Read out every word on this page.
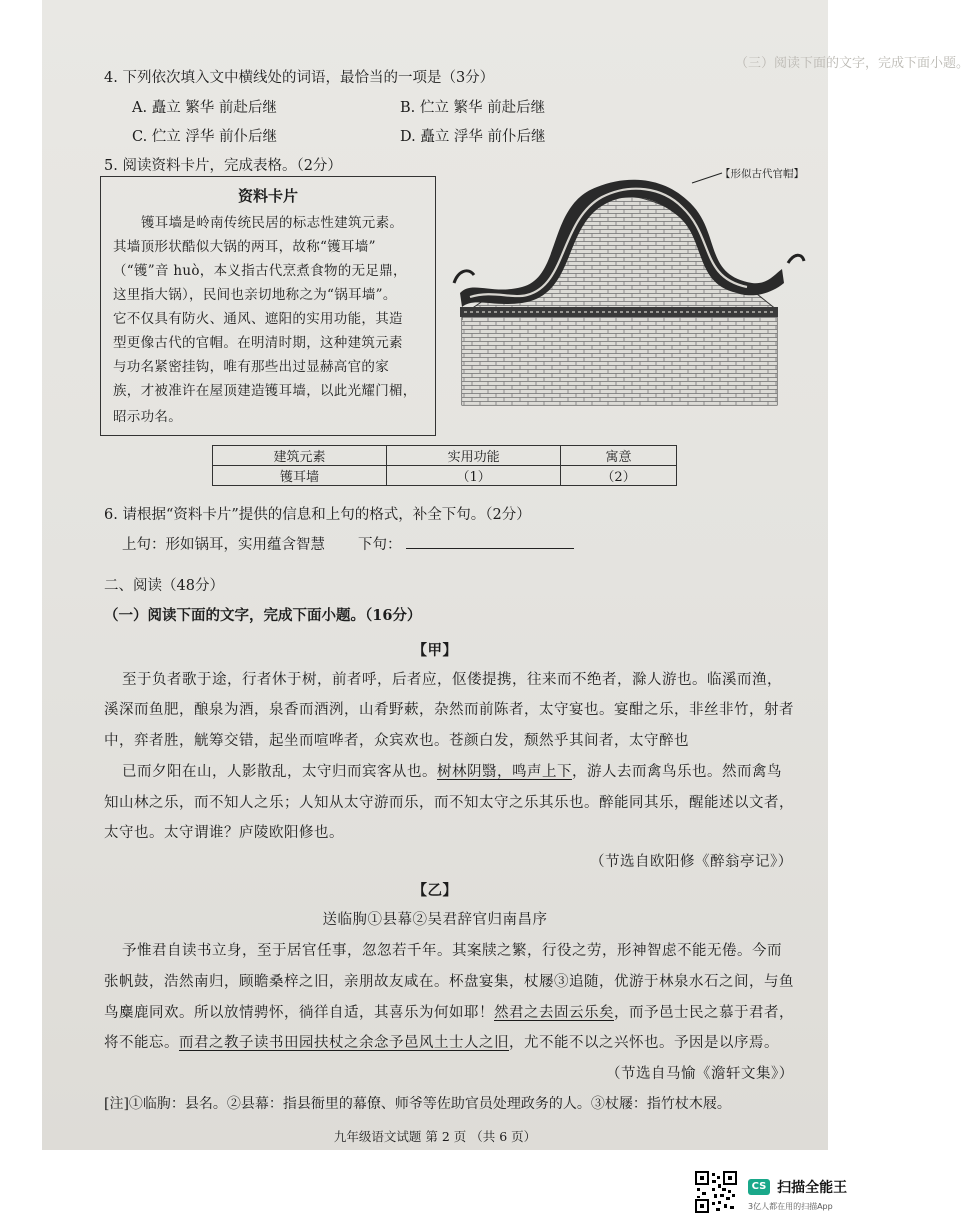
（三）阅读下面的文字，完成下面小题。
4. 下列依次填入文中横线处的词语，最恰当的一项是（3分）
A. 矗立 繁华 前赴后继	B. 伫立 繁华 前赴后继
C. 伫立 浮华 前仆后继	D. 矗立 浮华 前仆后继
5. 阅读资料卡片，完成表格。（2分）
资料卡片
镬耳墙是岭南传统民居的标志性建筑元素。
其墙顶形状酷似大锅的两耳，故称“镬耳墙”
（“镬”音 huò，本义指古代烹煮食物的无足鼎，
这里指大锅），民间也亲切地称之为“锅耳墙”。
它不仅具有防火、通风、遮阳的实用功能，其造
型更像古代的官帽。在明清时期，这种建筑元素
与功名紧密挂钩，唯有那些出过显赫高官的家
族，才被准许在屋顶建造镬耳墙，以此光耀门楣，
昭示功名。
【形似古代官帽】
建筑元素	实用功能	寓意
镬耳墙	（1）	（2）
6. 请根据“资料卡片”提供的信息和上句的格式，补全下句。（2分）
上句：形如锅耳，实用蕴含智慧 下句：
二、阅读（48分）
（一）阅读下面的文字，完成下面小题。（16分）
【甲】
至于负者歌于途，行者休于树，前者呼，后者应，伛偻提携，往来而不绝者，滁人游也。临溪而渔，
溪深而鱼肥，酿泉为酒，泉香而酒洌，山肴野蔌，杂然而前陈者，太守宴也。宴酣之乐，非丝非竹，射者
中，弈者胜，觥筹交错，起坐而喧哗者，众宾欢也。苍颜白发，颓然乎其间者，太守醉也
已而夕阳在山，人影散乱，太守归而宾客从也。树林阴翳，鸣声上下，游人去而禽鸟乐也。然而禽鸟
知山林之乐，而不知人之乐；人知从太守游而乐，而不知太守之乐其乐也。醉能同其乐，醒能述以文者，
太守也。太守谓谁？庐陵欧阳修也。
（节选自欧阳修《醉翁亭记》）
【乙】
送临朐①县幕②吴君辞官归南昌序
予惟君自读书立身，至于居官任事，忽忽若千年。其案牍之繁，行役之劳，形神智虑不能无倦。今而
张帆鼓，浩然南归，顾瞻桑梓之旧，亲朋故友咸在。杯盘宴集，杖屦③追随，优游于林泉水石之间，与鱼
鸟麋鹿同欢。所以放情骋怀，徜徉自适，其喜乐为何如耶！然君之去固云乐矣，而予邑士民之慕于君者，
将不能忘。而君之教子读书田园扶杖之余念予邑风土士人之旧，尤不能不以之兴怀也。予因是以序焉。
（节选自马愉《澹轩文集》）
[注]①临朐：县名。②县幕：指县衙里的幕僚、师爷等佐助官员处理政务的人。③杖屦：指竹杖木屐。
九年级语文试题 第 2 页 （共 6 页）
CS 扫描全能王
3亿人都在用的扫描App
